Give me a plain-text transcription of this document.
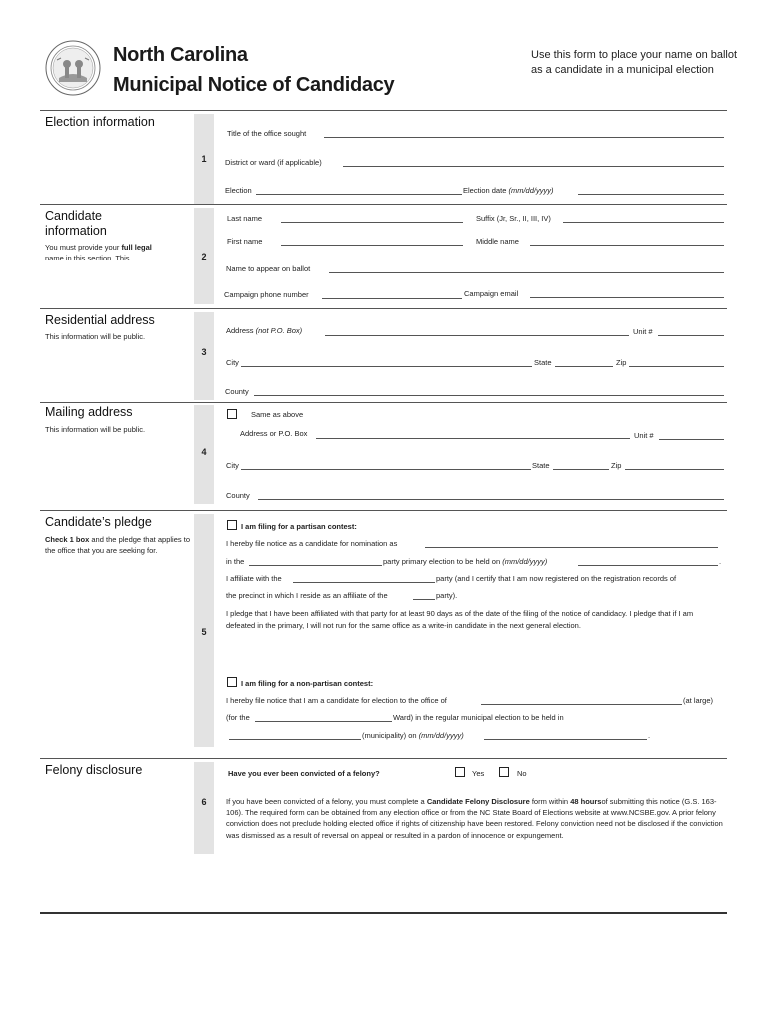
North Carolina
Municipal Notice of Candidacy
Use this form to place your name on ballot as a candidate in a municipal election
Election information
1
Title of the office sought
District or ward (if applicable)
Election	Election date (mm/dd/yyyy)
Candidate
information
You must provide your full legal
name in this section. This	2
Last name	Suffix (Jr, Sr., II, III, IV)
First name	Middle name
Name to appear on ballot
Campaign phone number	Campaign email
Residential address
This information will be public.
3
Address (not P.O. Box)	Unit #
City	State	Zip
County
Mailing address
This information will be public.
4
Same as above
Address or P.O. Box	Unit #
City	State	Zip
County
Candidate’s pledge
Check 1 box and the pledge that applies to the office that you are seeking for.
5
I am filing for a partisan contest:
I hereby file notice as a candidate for nomination as
in the	party primary election to be held on (mm/dd/yyyy)	.
I affiliate with the	party (and I certify that I am now registered on the registration records of
the precinct in which I reside as an affiliate of the	party).
I pledge that I have been affiliated with that party for at least 90 days as of the date of the filing of the notice of candidacy. I pledge that if I am defeated in the primary, I will not run for the same office as a write-in candidate in the next general election.
I am filing for a non-partisan contest:
I hereby file notice that I am a candidate for election to the office of	(at large)
(for the	Ward) in the regular municipal election to be held in
(municipality) on (mm/dd/yyyy)	.
Felony disclosure
6
Have you ever been convicted of a felony?	Yes	No
If you have been convicted of a felony, you must complete a Candidate Felony Disclosure form within 48 hoursof submitting this notice (G.S. 163-106). The required form can be obtained from any election office or from the NC State Board of Elections website at www.NCSBE.gov. A prior felony conviction does not preclude holding elected office if rights of citizenship have been restored. Felony conviction need not be disclosed if the conviction was dismissed as a result of reversal on appeal or resulted in a pardon of innocence or expungement.
